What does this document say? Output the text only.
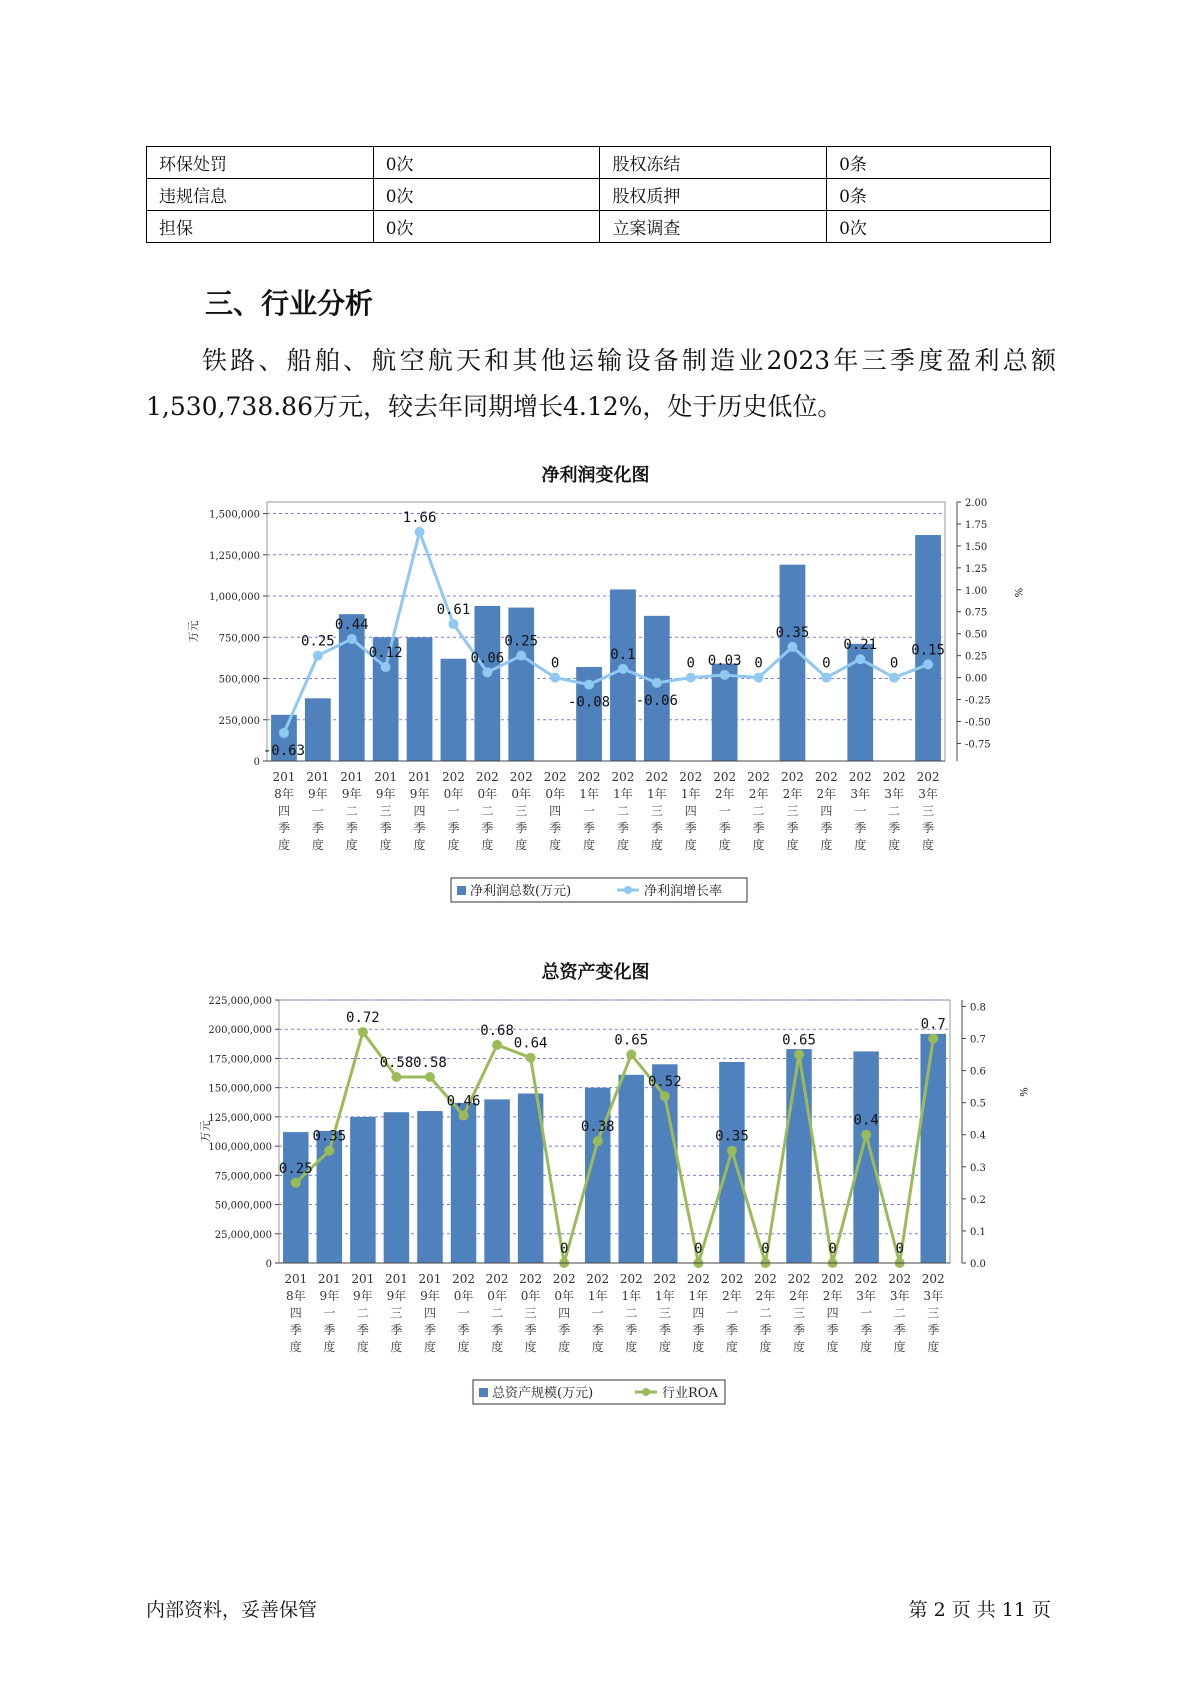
环保处罚	0次	股权冻结	0条
违规信息	0次	股权质押	0条
担保	0次	立案调查	0次
三、行业分析

铁路、船舶、航空航天和其他运输设备制造业2023年三季度盈利总额1,530,738.86万元，较去年同期增长4.12%，处于历史低位。

净利润变化图
0
250,000
500,000
750,000
1,000,000
1,250,000
1,500,000
万元
-0.75
-0.50
-0.25
0.00
0.25
0.50
0.75
1.00
1.25
1.50
1.75
2.00
%
-0.63
0.25
0.44
0.12
1.66
0.61
0.06
0.25
0
-0.08
0.1
-0.06
0 0.03 0
0.35
0
0.21
0
0.15
201 8年四季度
201 9年一季度
201 9年二季度
201 9年三季度
201 9年四季度
202 0年一季度
202 0年二季度
202 0年三季度
202 0年四季度
202 1年一季度
202 1年二季度
202 1年三季度
202 1年四季度
202 2年一季度
202 2年二季度
202 2年三季度
202 2年四季度
202 3年一季度
202 3年二季度
202 3年三季度
净利润总数(万元)	净利润增长率
总资产变化图
0
25,000,000
50,000,000
75,000,000
100,000,000
125,000,000
150,000,000
175,000,000
200,000,000
225,000,000
万元
0.0
0.1
0.2
0.3
0.4
0.5
0.6
0.7
0.8
%
0.25
0.35
0.72
0.58 0.58
0.46
0.68
0.64
0
0.38
0.65
0.52
0
0.35
0
0.65
0
0.4
0
0.7
201 8年四季度
201 9年一季度
201 9年二季度
201 9年三季度
201 9年四季度
202 0年一季度
202 0年二季度
202 0年三季度
202 0年四季度
202 1年一季度
202 1年二季度
202 1年三季度
202 1年四季度
202 2年一季度
202 2年二季度
202 2年三季度
202 2年四季度
202 3年一季度
202 3年二季度
202 3年三季度
总资产规模(万元)	行业ROA
内部资料，妥善保管	第 2 页 共 11 页
